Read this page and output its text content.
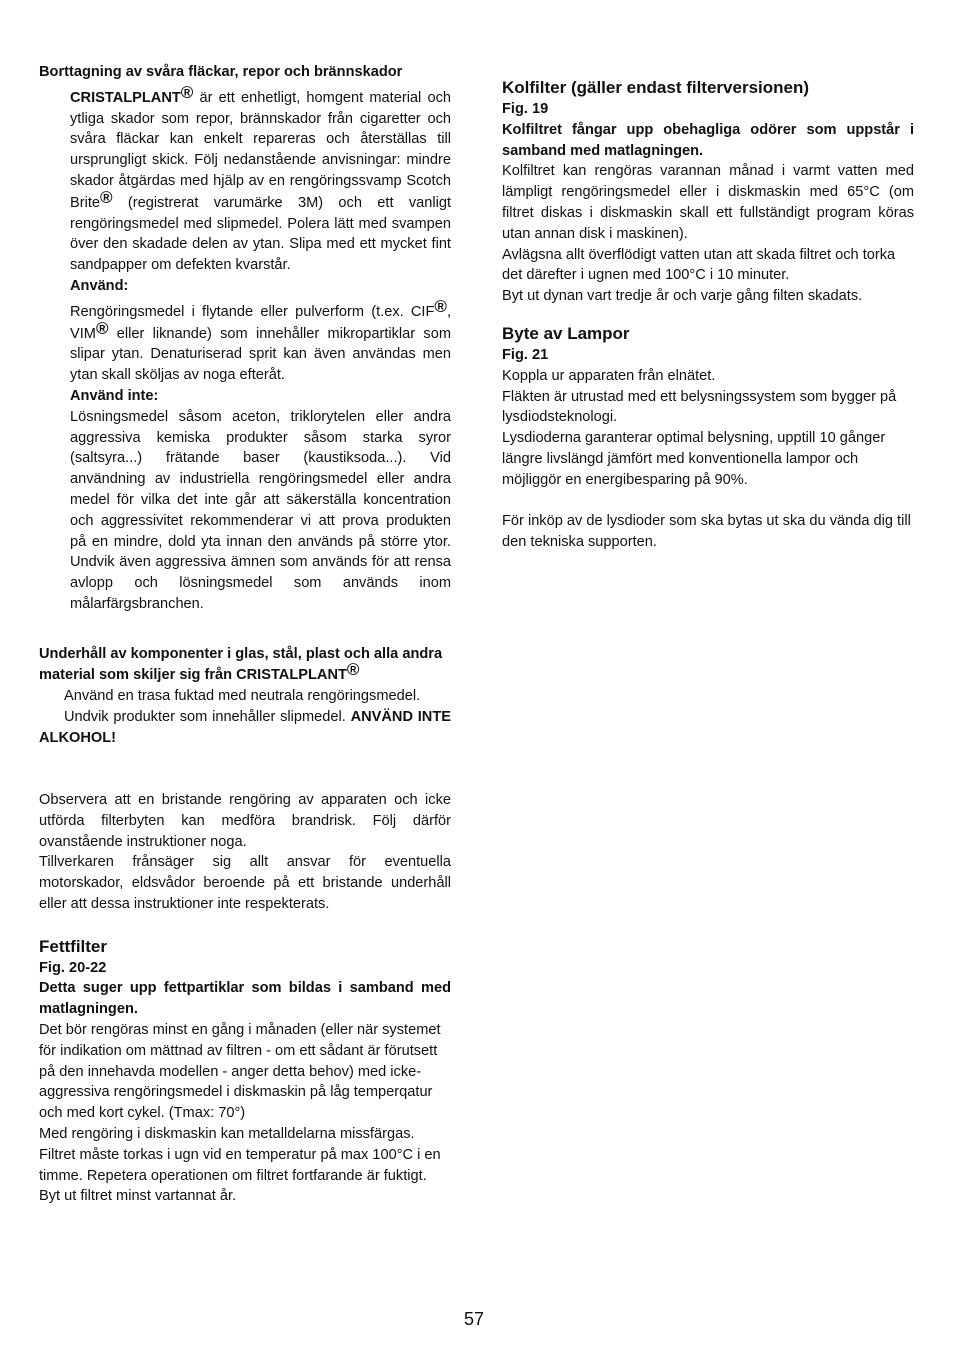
Borttagning av svåra fläckar, repor och brännskador

CRISTALPLANT® är ett enhetligt, homgent material och ytliga skador som repor, brännskador från cigaretter och svåra fläckar kan enkelt repareras och återställas till ursprungligt skick. Följ nedanstående anvisningar: mindre skador åtgärdas med hjälp av en rengöringssvamp Scotch Brite® (registrerat varumärke 3M) och ett vanligt rengöringsmedel med slipmedel. Polera lätt med svampen över den skadade delen av ytan. Slipa med ett mycket fint sandpapper om defekten kvarstår.

Använd:

Rengöringsmedel i flytande eller pulverform (t.ex. CIF®, VIM® eller liknande) som innehåller mikropartiklar som slipar ytan. Denaturiserad sprit kan även användas men ytan skall sköljas av noga efteråt.

Använd inte:

Lösningsmedel såsom aceton, triklorytelen eller andra aggressiva kemiska produkter såsom starka syror (saltsyra...) frätande baser (kaustiksoda...). Vid användning av industriella rengöringsmedel eller andra medel för vilka det inte går att säkerställa koncentration och aggressivitet rekommenderar vi att prova produkten på en mindre, dold yta innan den används på större ytor. Undvik även aggressiva ämnen som används för att rensa avlopp och lösningsmedel som används inom målarfärgsbranchen.

Underhåll av komponenter i glas, stål, plast och alla andra material som skiljer sig från CRISTALPLANT®

Använd en trasa fuktad med neutrala rengöringsmedel.

Undvik produkter som innehåller slipmedel. ANVÄND INTE ALKOHOL!

Observera att en bristande rengöring av apparaten och icke utförda filterbyten kan medföra brandrisk. Följ därför ovanstående instruktioner noga.

Tillverkaren frånsäger sig allt ansvar för eventuella motorskador, eldsvådor beroende på ett bristande underhåll eller att dessa instruktioner inte respekterats.

Fettfilter

Fig. 20-22

Detta suger upp fettpartiklar som bildas i samband med matlagningen.

Det bör rengöras minst en gång i månaden (eller när systemet för indikation om mättnad av filtren - om ett sådant är förutsett på den innehavda modellen - anger detta behov) med icke-aggressiva rengöringsmedel i diskmaskin på låg temperqatur och med kort cykel. (Tmax: 70°)

Med rengöring i diskmaskin kan metalldelarna missfärgas.

Filtret måste torkas i ugn vid en temperatur på max 100°C i en timme. Repetera operationen om filtret fortfarande är fuktigt.

Byt ut filtret minst vartannat år.

Kolfilter (gäller endast filterversionen)

Fig. 19

Kolfiltret fångar upp obehagliga odörer som uppstår i samband med matlagningen.

Kolfiltret kan rengöras varannan månad i varmt vatten med lämpligt rengöringsmedel eller i diskmaskin med 65°C (om filtret diskas i diskmaskin skall ett fullständigt program köras utan annan disk i maskinen).

Avlägsna allt överflödigt vatten utan att skada filtret och torka det därefter i ugnen med 100°C i 10 minuter.

Byt ut dynan vart tredje år och varje gång filten skadats.

Byte av Lampor

Fig. 21

Koppla ur apparaten från elnätet.

Fläkten är utrustad med ett belysningssystem som bygger på lysdiodsteknologi.

Lysdioderna garanterar optimal belysning, upptill 10 gånger längre livslängd jämfört med konventionella lampor och möjliggör en energibesparing på 90%.

För inköp av de lysdioder som ska bytas ut ska du vända dig till den tekniska supporten.

57
